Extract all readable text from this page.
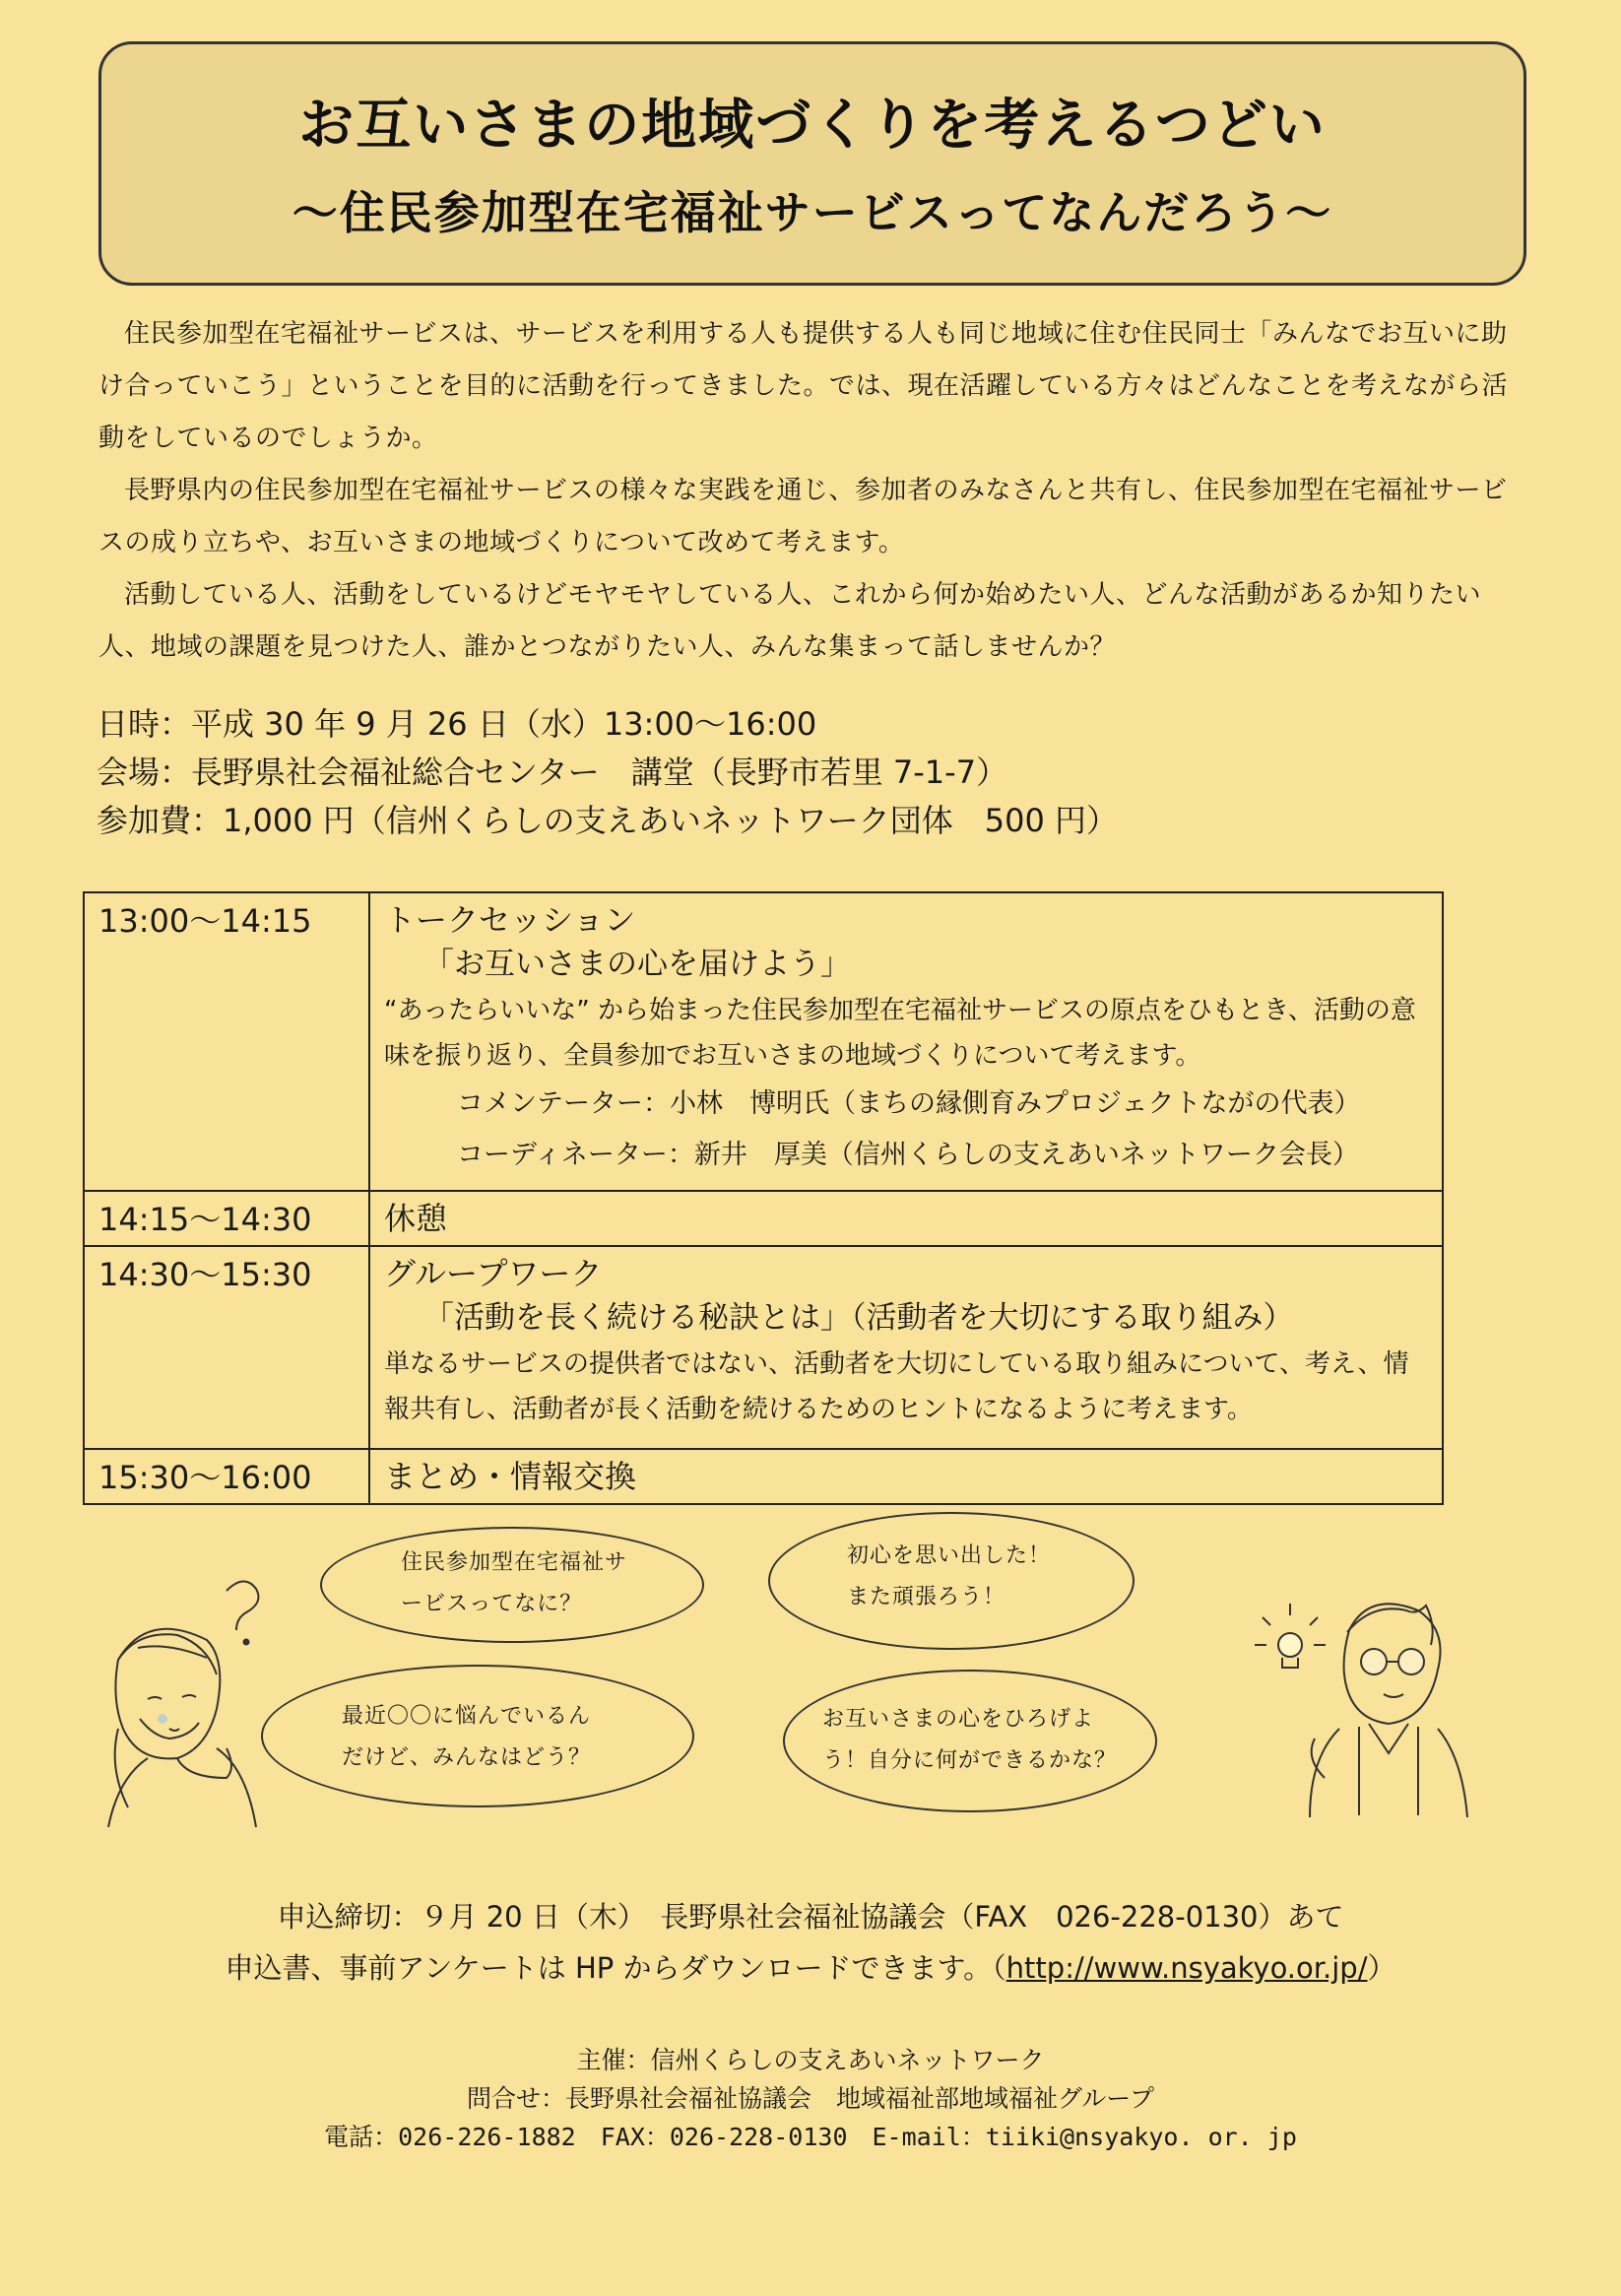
お互いさまの地域づくりを考えるつどい
～住民参加型在宅福祉サービスってなんだろう～

住民参加型在宅福祉サービスは、サービスを利用する人も提供する人も同じ地域に住む住民同士「みんなでお互いに助け合っていこう」ということを目的に活動を行ってきました。では、現在活躍している方々はどんなことを考えながら活動をしているのでしょうか。

長野県内の住民参加型在宅福祉サービスの様々な実践を通じ、参加者のみなさんと共有し、住民参加型在宅福祉サービスの成り立ちや、お互いさまの地域づくりについて改めて考えます。

活動している人、活動をしているけどモヤモヤしている人、これから何か始めたい人、どんな活動があるか知りたい人、地域の課題を見つけた人、誰かとつながりたい人、みんな集まって話しませんか？

日時：平成 30 年 9 月 26 日（水）13:00～16:00
会場：長野県社会福祉総合センター　講堂（長野市若里 7-1-7）
参加費：1,000 円（信州くらしの支えあいネットワーク団体　500 円）
13:00～14:15	トークセッション
「お互いさまの心を届けよう」
“あったらいいな” から始まった住民参加型在宅福祉サービスの原点をひもとき、活動の意味を振り返り、全員参加でお互いさまの地域づくりについて考えます。
コメンテーター：小林　博明氏（まちの縁側育みプロジェクトながの代表）
コーディネーター：新井　厚美（信州くらしの支えあいネットワーク会長）

14:15～14:30	休憩

14:30～15:30	グループワーク
「活動を長く続ける秘訣とは」（活動者を大切にする取り組み）
単なるサービスの提供者ではない、活動者を大切にしている取り組みについて、考え、情報共有し、活動者が長く活動を続けるためのヒントになるように考えます。

15:30～16:00	まとめ・情報交換
住民参加型在宅福祉サ
ービスってなに？
最近〇〇に悩んでいるん
だけど、みんなはどう？
初心を思い出した！
また頑張ろう！
お互いさまの心をひろげよ
う！自分に何ができるかな？
申込締切：９月 20 日（木）　長野県社会福祉協議会（FAX　026-228-0130）あて
申込書、事前アンケートは HP からダウンロードできます。（http://www.nsyakyo.or.jp/）
主催：信州くらしの支えあいネットワーク
問合せ：長野県社会福祉協議会　地域福祉部地域福祉グループ
電話：026-226-1882　FAX：026-228-0130　E-mail：tiiki@nsyakyo. or. jp
